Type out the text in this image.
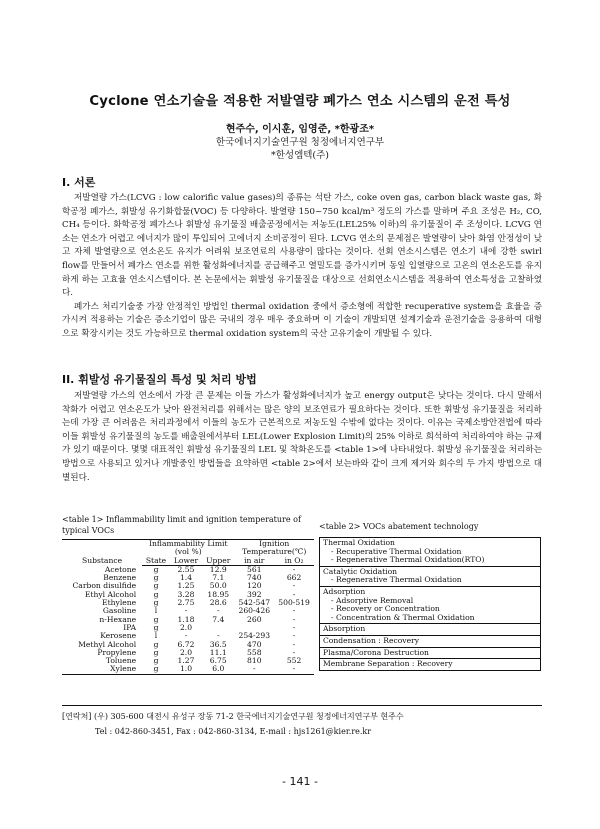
Cyclone 연소기술을 적용한 저발열량 폐가스 연소 시스템의 운전 특성
현주수, 이시훈, 임영준, *한광조*
한국에너지기술연구원 청정에너지연구부
*한성엠텍(주)
I. 서론

저발열량 가스(LCVG : low calorific value gases)의 종류는 석탄 가스, coke oven gas, carbon black waste gas, 화학공정 폐가스, 휘발성 유기화합물(VOC) 등 다양하다. 발열량 150~750 kcal/m³ 정도의 가스를 말하며 주요 조성은 H₂, CO, CH₄ 등이다. 화학공정 폐가스나 휘발성 유기물질 배출공정에서는 저농도(LEL25% 이하)의 유기물질이 주 조성이다. LCVG 연소는 연소가 어렵고 에너지가 많이 투입되어 고에너지 소비공정이 된다. LCVG 연소의 문제점은 발열량이 낮아 화염 안정성이 낮고 자체 발열량으로 연소온도 유지가 어려워 보조연료의 사용량이 많다는 것이다. 선회 연소시스템은 연소기 내에 강한 swirl flow를 만들어서 폐가스 연소를 위한 활성화에너지를 공급해주고 열밀도를 증가시키며 동일 입열량으로 고온의 연소온도를 유지하게 하는 고효율 연소시스템이다. 본 논문에서는 휘발성 유기물질을 대상으로 선회연소시스템을 적용하여 연소특성을 고찰하였다.

폐가스 처리기술중 가장 안정적인 방법인 thermal oxidation 중에서 증소형에 적합한 recuperative system을 효율을 증가시켜 적용하는 기술은 증소기업이 많은 국내의 경우 매우 중요하며 이 기술이 개발되면 설계기술과 운전기술을 응용하여 대형으로 확장시키는 것도 가능하므로 thermal oxidation system의 국산 고유기술이 개발될 수 있다.

II. 휘발성 유기물질의 특성 및 처리 방법

저발열량 가스의 연소에서 가장 큰 문제는 이들 가스가 활성화에너지가 높고 energy output은 낮다는 것이다. 다시 말해서 착화가 어렵고 연소온도가 낮아 완전처리를 위해서는 많은 양의 보조연료가 필요하다는 것이다. 또한 휘발성 유기물질을 처리하는데 가장 큰 어려움은 처리과정에서 이들의 농도가 근본적으로 저농도일 수밖에 없다는 것이다. 이유는 국제소방안전법에 따라 이들 휘발성 유기물질의 농도를 배출원에서부터 LEL(Lower Explosion Limit)의 25% 이하로 희석하여 처리하여야 하는 규제가 있기 때문이다. 몇몇 대표적인 휘발성 유기물질의 LEL 및 착화온도를 <table 1>에 나타내었다. 휘발성 유기물질을 처리하는 방법으로 사용되고 있거나 개발중인 방법들을 요약하면 <table 2>에서 보는바와 같이 크게 제거와 회수의 두 가지 방법으로 대별된다.

<table 1> Inflammability limit and ignition temperature of typical VOCs
Substance	Inflammability Limit
(vol %)			Ignition
Temperature(℃)	
	State	Lower	Upper	in air	in O₂
Acetone	g	2.55	12.9	561	-
Benzene	g	1.4	7.1	740	662
Carbon disulfide	g	1.25	50.0	120	-
Ethyl Alcohol	g	3.28	18.95	392	-
Ethylene	g	2.75	28.6	542-547	500-519
Gasoline	l	-	-	260-426	-
n-Hexane	g	1.18	7.4	260	-
IPA	g	2.0			-
Kerosene	l	-	-	254-293	-
Methyl Alcohol	g	6.72	36.5	470	-
Propylene	g	2.0	11.1	558	-
Toluene	g	1.27	6.75	810	552
Xylene	g	1.0	6.0	-	-
<table 2> VOCs abatement technology
Thermal Oxidation
- Recuperative Thermal Oxidation
- Regenerative Thermal Oxidation(RTO)

Catalytic Oxidation
- Regenerative Thermal Oxidation

Adsorption
- Adsorptive Removal
- Recovery or Concentration
- Concentration & Thermal Oxidation

Absorption
Condensation : Recovery
Plasma/Corona Destruction
Membrane Separation : Recovery
[연락처] (우) 305-600 대전시 유성구 장동 71-2 한국에너지기술연구원 청정에너지연구부 현주수
Tel : 042-860-3451, Fax : 042-860-3134, E-mail : hjs1261@kier.re.kr
- 141 -
